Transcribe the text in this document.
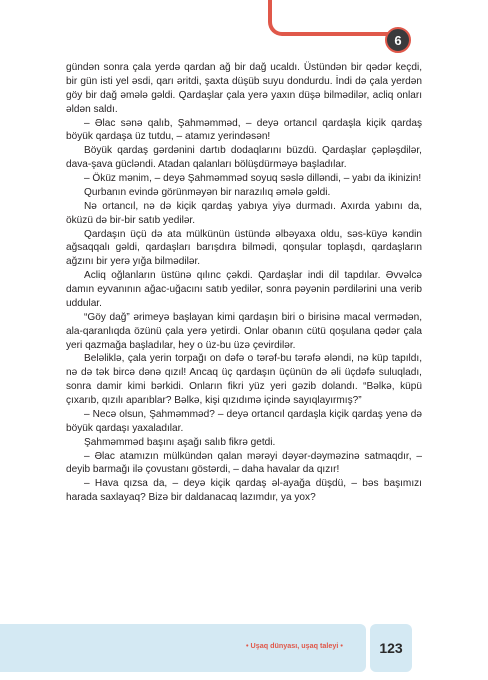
6

gündən sonra çala yerdə qardan ağ bir dağ ucaldı. Üstündən bir qədər keçdi, bir gün isti yel əsdi, qarı əritdi, şaxta düşüb suyu dondurdu. İndi də çala yerdən göy bir dağ əmələ gəldi. Qardaşlar çala yerə yaxın düşə bilmədilər, acliq onları əldən saldı.

– Əlac sənə qalıb, Şahməmməd, – deyə ortancıl qardaşla kiçik qardaş böyük qardaşa üz tutdu, – atamız yerindəsən!

Böyük qardaş gərdənini dartıb dodaqlarını büzdü. Qardaşlar çəpləşdilər, dava-şava gücləndi. Atadan qalanları bölüşdürməyə başladılar.

– Öküz mənim, – deyə Şahməmməd soyuq səslə dilləndi, – yabı da ikinizin!

Qurbanın evində görünməyən bir narazılıq əmələ gəldi.

Nə ortancıl, nə də kiçik qardaş yabıya yiyə durmadı. Axırda yabını da, öküzü də bir-bir satıb yedilər.

Qardaşın üçü də ata mülkünün üstündə əlbəyaxa oldu, səs-küyə kəndin ağsaqqalı gəldi, qardaşları barışdıra bilmədi, qonşular toplaşdı, qardaşların ağzını bir yerə yığa bilmədilər.

Acliq oğlanların üstünə qılınc çəkdi. Qardaşlar indi dil tapdılar. Əvvəlcə damın eyvanının ağac-uğacını satıb yedilər, sonra pəyənin pərdilərini una verib uddular.

“Göy dağ” ərimeyə başlayan kimi qardaşın biri o birisinə macal vermədən, ala-qaranlıqda özünü çala yerə yetirdi. Onlar obanın cütü qoşulana qədər çala yeri qazmağa başladılar, hey o üz-bu üzə çevirdilər.

Beləliklə, çala yerin torpağı on dəfə o tərəf-bu tərəfə ələndi, nə küp tapıldı, nə də tək bircə dənə qızıl! Ancaq üç qardaşın üçünün də əli üçdəfə suluqladı, sonra damir kimi bərkidi. Onların fikri yüz yeri gəzib dolandı. “Bəlkə, küpü çıxarıb, qızılı aparıblar? Bəlkə, kişi qızıdımə içində sayıqlayırmış?”

– Necə olsun, Şahməmməd? – deyə ortancıl qardaşla kiçik qardaş yenə də böyük qardaşı yaxaladılar.

Şahməmməd başını aşağı salıb fikrə getdi.

– Əlac atamızın mülkündən qalan mərəyi dəyər-dəyməzinə satmaqdır, – deyib barmağı ilə çovustanı göstərdi, – daha havalar da qızır!

– Hava qızsa da, – deyə kiçik qardaş əl-ayağa düşdü, – bəs başımızı harada saxlayaq? Bizə bir daldanacaq lazımdır, ya yox?

• Uşaq dünyası, uşaq taleyi •	123
